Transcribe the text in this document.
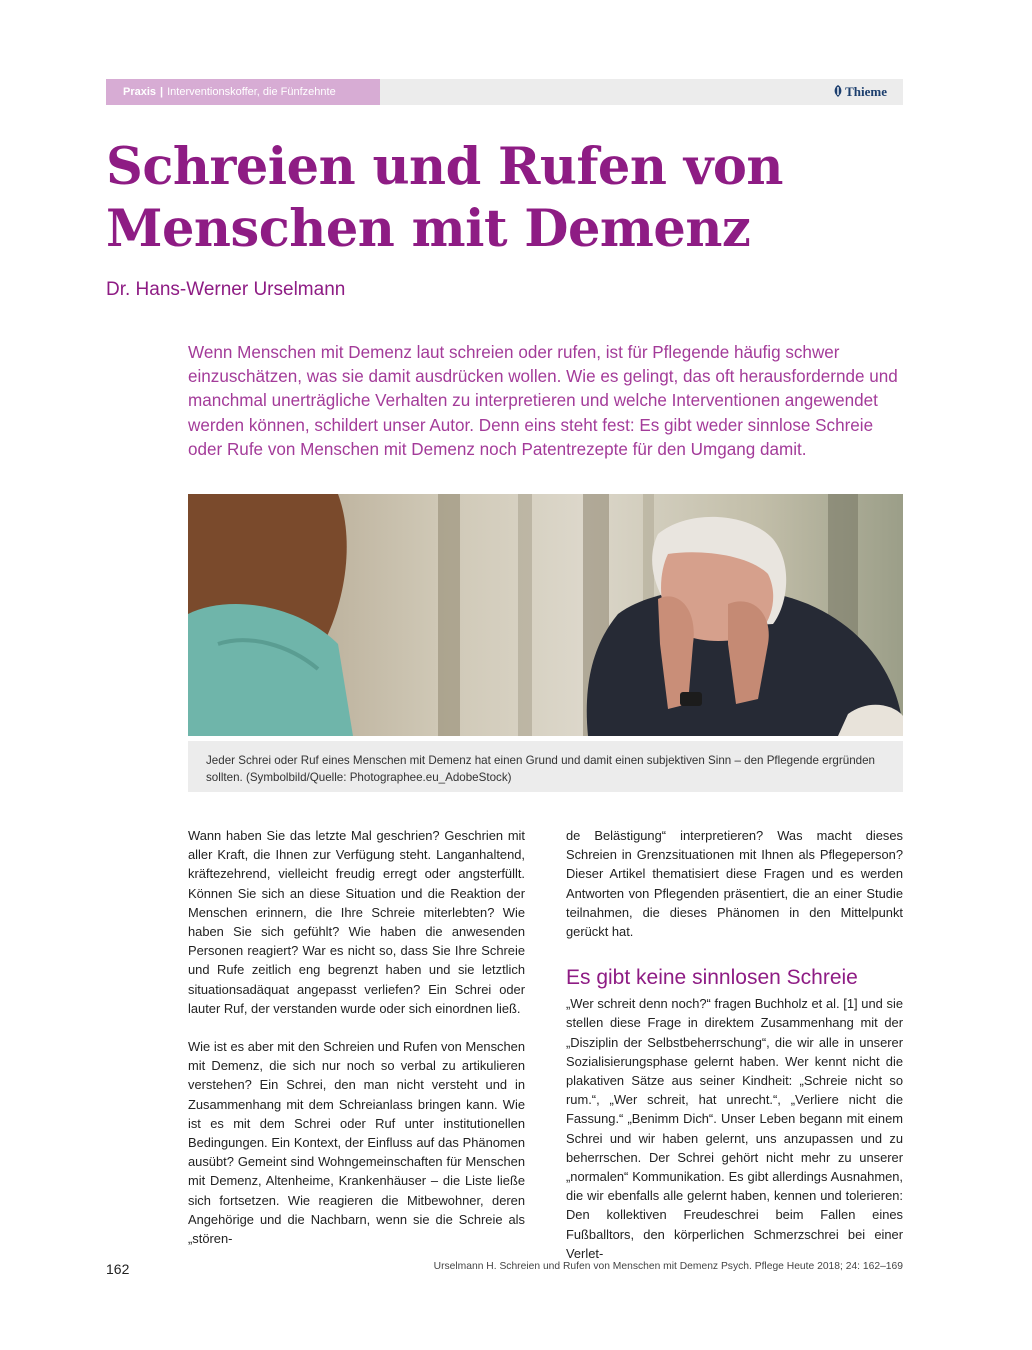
Praxis | Interventionskoffer, die Fünfzehnte	Thieme
Schreien und Rufen von Menschen mit Demenz
Dr. Hans-Werner Urselmann

Wenn Menschen mit Demenz laut schreien oder rufen, ist für Pflegende häufig schwer einzuschätzen, was sie damit ausdrücken wollen. Wie es gelingt, das oft herausfordernde und manchmal unerträgliche Verhalten zu interpretieren und welche Interventionen angewendet werden können, schildert unser Autor. Denn eins steht fest: Es gibt weder sinnlose Schreie oder Rufe von Menschen mit Demenz noch Patentrezepte für den Umgang damit.

Jeder Schrei oder Ruf eines Menschen mit Demenz hat einen Grund und damit einen subjektiven Sinn – den Pflegende ergründen sollten. (Symbolbild/Quelle: Photographee.eu_AdobeStock)

Wann haben Sie das letzte Mal geschrien? Geschrien mit aller Kraft, die Ihnen zur Verfügung steht. Langanhaltend, kräftezehrend, vielleicht freudig erregt oder angsterfüllt. Können Sie sich an diese Situation und die Reaktion der Menschen erinnern, die Ihre Schreie miterlebten? Wie haben Sie sich gefühlt? Wie haben die anwesenden Personen reagiert? War es nicht so, dass Sie Ihre Schreie und Rufe zeitlich eng begrenzt haben und sie letztlich situationsadäquat angepasst verliefen? Ein Schrei oder lauter Ruf, der verstanden wurde oder sich einordnen ließ.

Wie ist es aber mit den Schreien und Rufen von Menschen mit Demenz, die sich nur noch so verbal zu artikulieren verstehen? Ein Schrei, den man nicht versteht und in Zusammenhang mit dem Schreianlass bringen kann. Wie ist es mit dem Schrei oder Ruf unter institutionellen Bedingungen. Ein Kontext, der Einfluss auf das Phänomen ausübt? Gemeint sind Wohngemeinschaften für Menschen mit Demenz, Altenheime, Krankenhäuser – die Liste ließe sich fortsetzen. Wie reagieren die Mitbewohner, deren Angehörige und die Nachbarn, wenn sie die Schreie als „stören-

de Belästigung“ interpretieren? Was macht dieses Schreien in Grenzsituationen mit Ihnen als Pflegeperson? Dieser Artikel thematisiert diese Fragen und es werden Antworten von Pflegenden präsentiert, die an einer Studie teilnahmen, die dieses Phänomen in den Mittelpunkt gerückt hat.

Es gibt keine sinnlosen Schreie

„Wer schreit denn noch?“ fragen Buchholz et al. [1] und sie stellen diese Frage in direktem Zusammenhang mit der „Disziplin der Selbstbeherrschung“, die wir alle in unserer Sozialisierungsphase gelernt haben. Wer kennt nicht die plakativen Sätze aus seiner Kindheit: „Schreie nicht so rum.“, „Wer schreit, hat unrecht.“, „Verliere nicht die Fassung.“ „Benimm Dich“. Unser Leben begann mit einem Schrei und wir haben gelernt, uns anzupassen und zu beherrschen. Der Schrei gehört nicht mehr zu unserer „normalen“ Kommunikation. Es gibt allerdings Ausnahmen, die wir ebenfalls alle gelernt haben, kennen und tolerieren: Den kollektiven Freudeschrei beim Fallen eines Fußballtors, den körperlichen Schmerzschrei bei einer Verlet-

162	Urselmann H. Schreien und Rufen von Menschen mit Demenz Psych. Pflege Heute 2018; 24: 162–169
